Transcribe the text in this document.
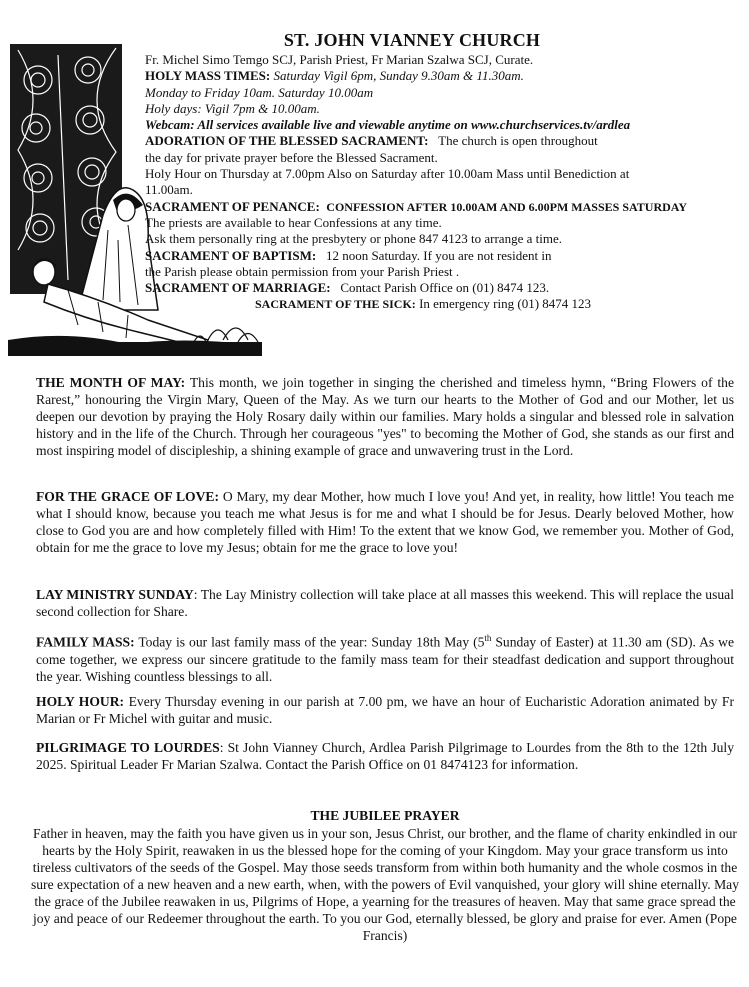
ST. JOHN VIANNEY CHURCH
Fr. Michel Simo Temgo SCJ, Parish Priest, Fr Marian Szalwa SCJ, Curate.
HOLY MASS TIMES: Saturday Vigil 6pm, Sunday 9.30am & 11.30am.
Monday to Friday 10am. Saturday 10.00am
Holy days: Vigil 7pm & 10.00am.
Webcam: All services available live and viewable anytime on www.churchservices.tv/ardlea
ADORATION OF THE BLESSED SACRAMENT: The church is open throughout
the day for private prayer before the Blessed Sacrament.
Holy Hour on Thursday at 7.00pm Also on Saturday after 10.00am Mass until Benediction at
11.00am.
SACRAMENT OF PENANCE: CONFESSION AFTER 10.00AM AND 6.00PM MASSES SATURDAY
The priests are available to hear Confessions at any time.
Ask them personally ring at the presbytery or phone 847 4123 to arrange a time.
SACRAMENT OF BAPTISM: 12 noon Saturday. If you are not resident in
the Parish please obtain permission from your Parish Priest .
SACRAMENT OF MARRIAGE: Contact Parish Office on (01) 8474 123.
SACRAMENT OF THE SICK: In emergency ring (01) 8474 123
THE MONTH OF MAY: This month, we join together in singing the cherished and timeless hymn, “Bring Flowers of the Rarest,” honouring the Virgin Mary, Queen of the May. As we turn our hearts to the Mother of God and our Mother, let us deepen our devotion by praying the Holy Rosary daily within our families. Mary holds a singular and blessed role in salvation history and in the life of the Church. Through her courageous "yes" to becoming the Mother of God, she stands as our first and most inspiring model of discipleship, a shining example of grace and unwavering trust in the Lord.
FOR THE GRACE OF LOVE: O Mary, my dear Mother, how much I love you! And yet, in reality, how little! You teach me what I should know, because you teach me what Jesus is for me and what I should be for Jesus. Dearly beloved Mother, how close to God you are and how completely filled with Him! To the extent that we know God, we remember you. Mother of God, obtain for me the grace to love my Jesus; obtain for me the grace to love you!
LAY MINISTRY SUNDAY: The Lay Ministry collection will take place at all masses this weekend. This will replace the usual second collection for Share.
FAMILY MASS: Today is our last family mass of the year: Sunday 18th May (5th Sunday of Easter) at 11.30 am (SD). As we come together, we express our sincere gratitude to the family mass team for their steadfast dedication and support throughout the year. Wishing countless blessings to all.
HOLY HOUR: Every Thursday evening in our parish at 7.00 pm, we have an hour of Eucharistic Adoration animated by Fr Marian or Fr Michel with guitar and music.
PILGRIMAGE TO LOURDES: St John Vianney Church, Ardlea Parish Pilgrimage to Lourdes from the 8th to the 12th July 2025. Spiritual Leader Fr Marian Szalwa. Contact the Parish Office on 01 8474123 for information.
THE JUBILEE PRAYER
Father in heaven, may the faith you have given us in your son, Jesus Christ, our brother, and the flame of charity enkindled in our hearts by the Holy Spirit, reawaken in us the blessed hope for the coming of your Kingdom. May your grace transform us into tireless cultivators of the seeds of the Gospel. May those seeds transform from within both humanity and the whole cosmos in the sure expectation of a new heaven and a new earth, when, with the powers of Evil vanquished, your glory will shine eternally. May the grace of the Jubilee reawaken in us, Pilgrims of Hope, a yearning for the treasures of heaven. May that same grace spread the joy and peace of our Redeemer throughout the earth. To you our God, eternally blessed, be glory and praise for ever. Amen (Pope Francis)
